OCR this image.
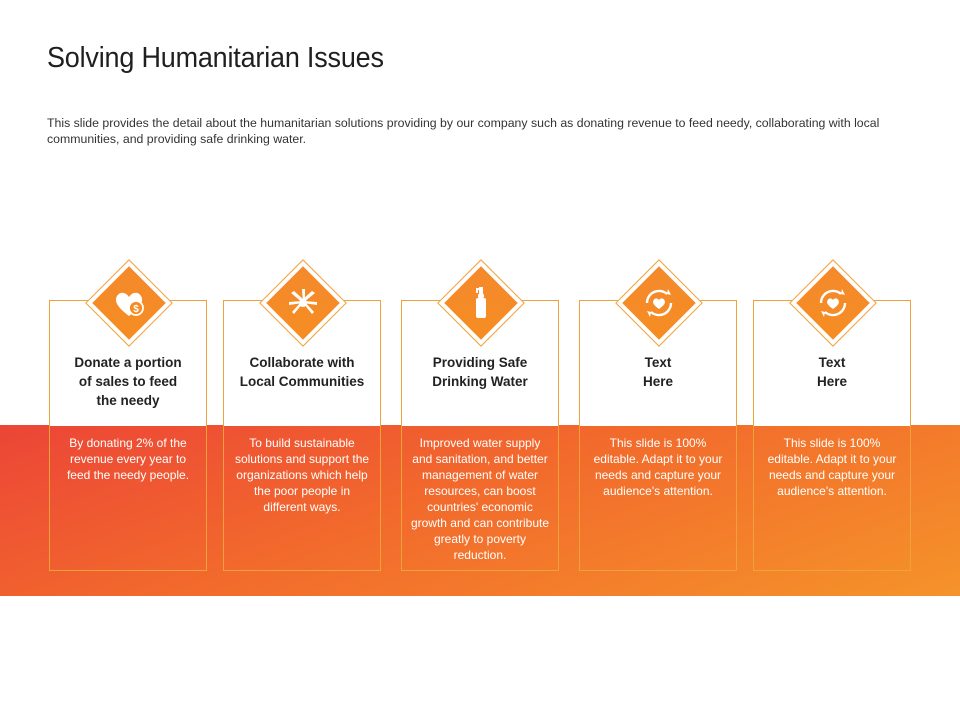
Solving Humanitarian Issues
This slide provides the detail about the humanitarian solutions providing by our company such as donating revenue to feed needy, collaborating with local communities, and providing safe drinking water.
Donate a portion
of sales to feed
the needy
By donating 2% of the revenue every year to feed the needy people.
Collaborate with
Local Communities
To build sustainable solutions and support the organizations which help the poor people in different ways.
Providing Safe
Drinking Water
Improved water supply and sanitation, and better management of water resources, can boost countries' economic growth and can contribute greatly to poverty reduction.
Text
Here
This slide is 100% editable. Adapt it to your needs and capture your audience's attention.
Text
Here
This slide is 100% editable. Adapt it to your needs and capture your audience's attention.
$
